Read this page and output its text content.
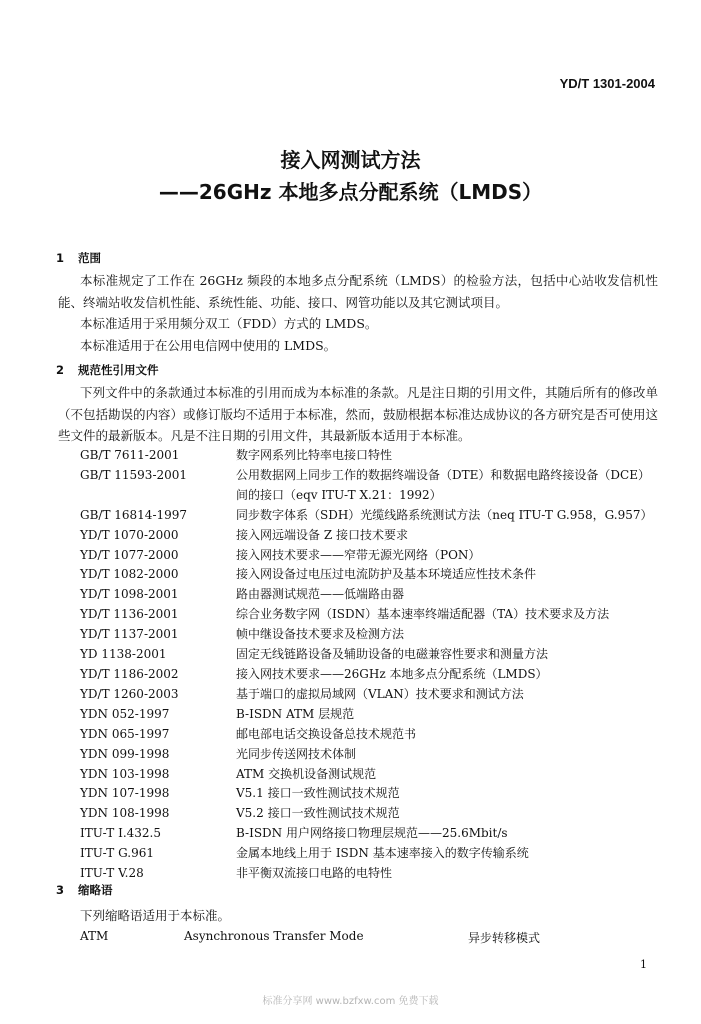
YD/T 1301-2004
接入网测试方法
——26GHz 本地多点分配系统（LMDS）
1 范围

本标准规定了工作在 26GHz 频段的本地多点分配系统（LMDS）的检验方法，包括中心站收发信机性能、终端站收发信机性能、系统性能、功能、接口、网管功能以及其它测试项目。

本标准适用于采用频分双工（FDD）方式的 LMDS。

本标准适用于在公用电信网中使用的 LMDS。

2 规范性引用文件

下列文件中的条款通过本标准的引用而成为本标准的条款。凡是注日期的引用文件，其随后所有的修改单（不包括勘误的内容）或修订版均不适用于本标准，然而，鼓励根据本标准达成协议的各方研究是否可使用这些文件的最新版本。凡是不注日期的引用文件，其最新版本适用于本标准。

GB/T 7611-2001	数字网系列比特率电接口特性
GB/T 11593-2001	公用数据网上同步工作的数据终端设备（DTE）和数据电路终接设备（DCE）间的接口（eqv ITU-T X.21：1992）
GB/T 16814-1997	同步数字体系（SDH）光缆线路系统测试方法（neq ITU-T G.958，G.957）
YD/T 1070-2000	接入网远端设备 Z 接口技术要求
YD/T 1077-2000	接入网技术要求——窄带无源光网络（PON）
YD/T 1082-2000	接入网设备过电压过电流防护及基本环境适应性技术条件
YD/T 1098-2001	路由器测试规范——低端路由器
YD/T 1136-2001	综合业务数字网（ISDN）基本速率终端适配器（TA）技术要求及方法
YD/T 1137-2001	帧中继设备技术要求及检测方法
YD 1138-2001	固定无线链路设备及辅助设备的电磁兼容性要求和测量方法
YD/T 1186-2002	接入网技术要求——26GHz 本地多点分配系统（LMDS）
YD/T 1260-2003	基于端口的虚拟局域网（VLAN）技术要求和测试方法
YDN 052-1997	B-ISDN ATM 层规范
YDN 065-1997	邮电部电话交换设备总技术规范书
YDN 099-1998	光同步传送网技术体制
YDN 103-1998	ATM 交换机设备测试规范
YDN 107-1998	V5.1 接口一致性测试技术规范
YDN 108-1998	V5.2 接口一致性测试技术规范
ITU-T I.432.5	B-ISDN 用户网络接口物理层规范——25.6Mbit/s
ITU-T G.961	金属本地线上用于 ISDN 基本速率接入的数字传输系统
ITU-T V.28	非平衡双流接口电路的电特性
3 缩略语

下列缩略语适用于本标准。

ATM	Asynchronous Transfer Mode	异步转移模式
1
标准分享网 www.bzfxw.com 免费下载
